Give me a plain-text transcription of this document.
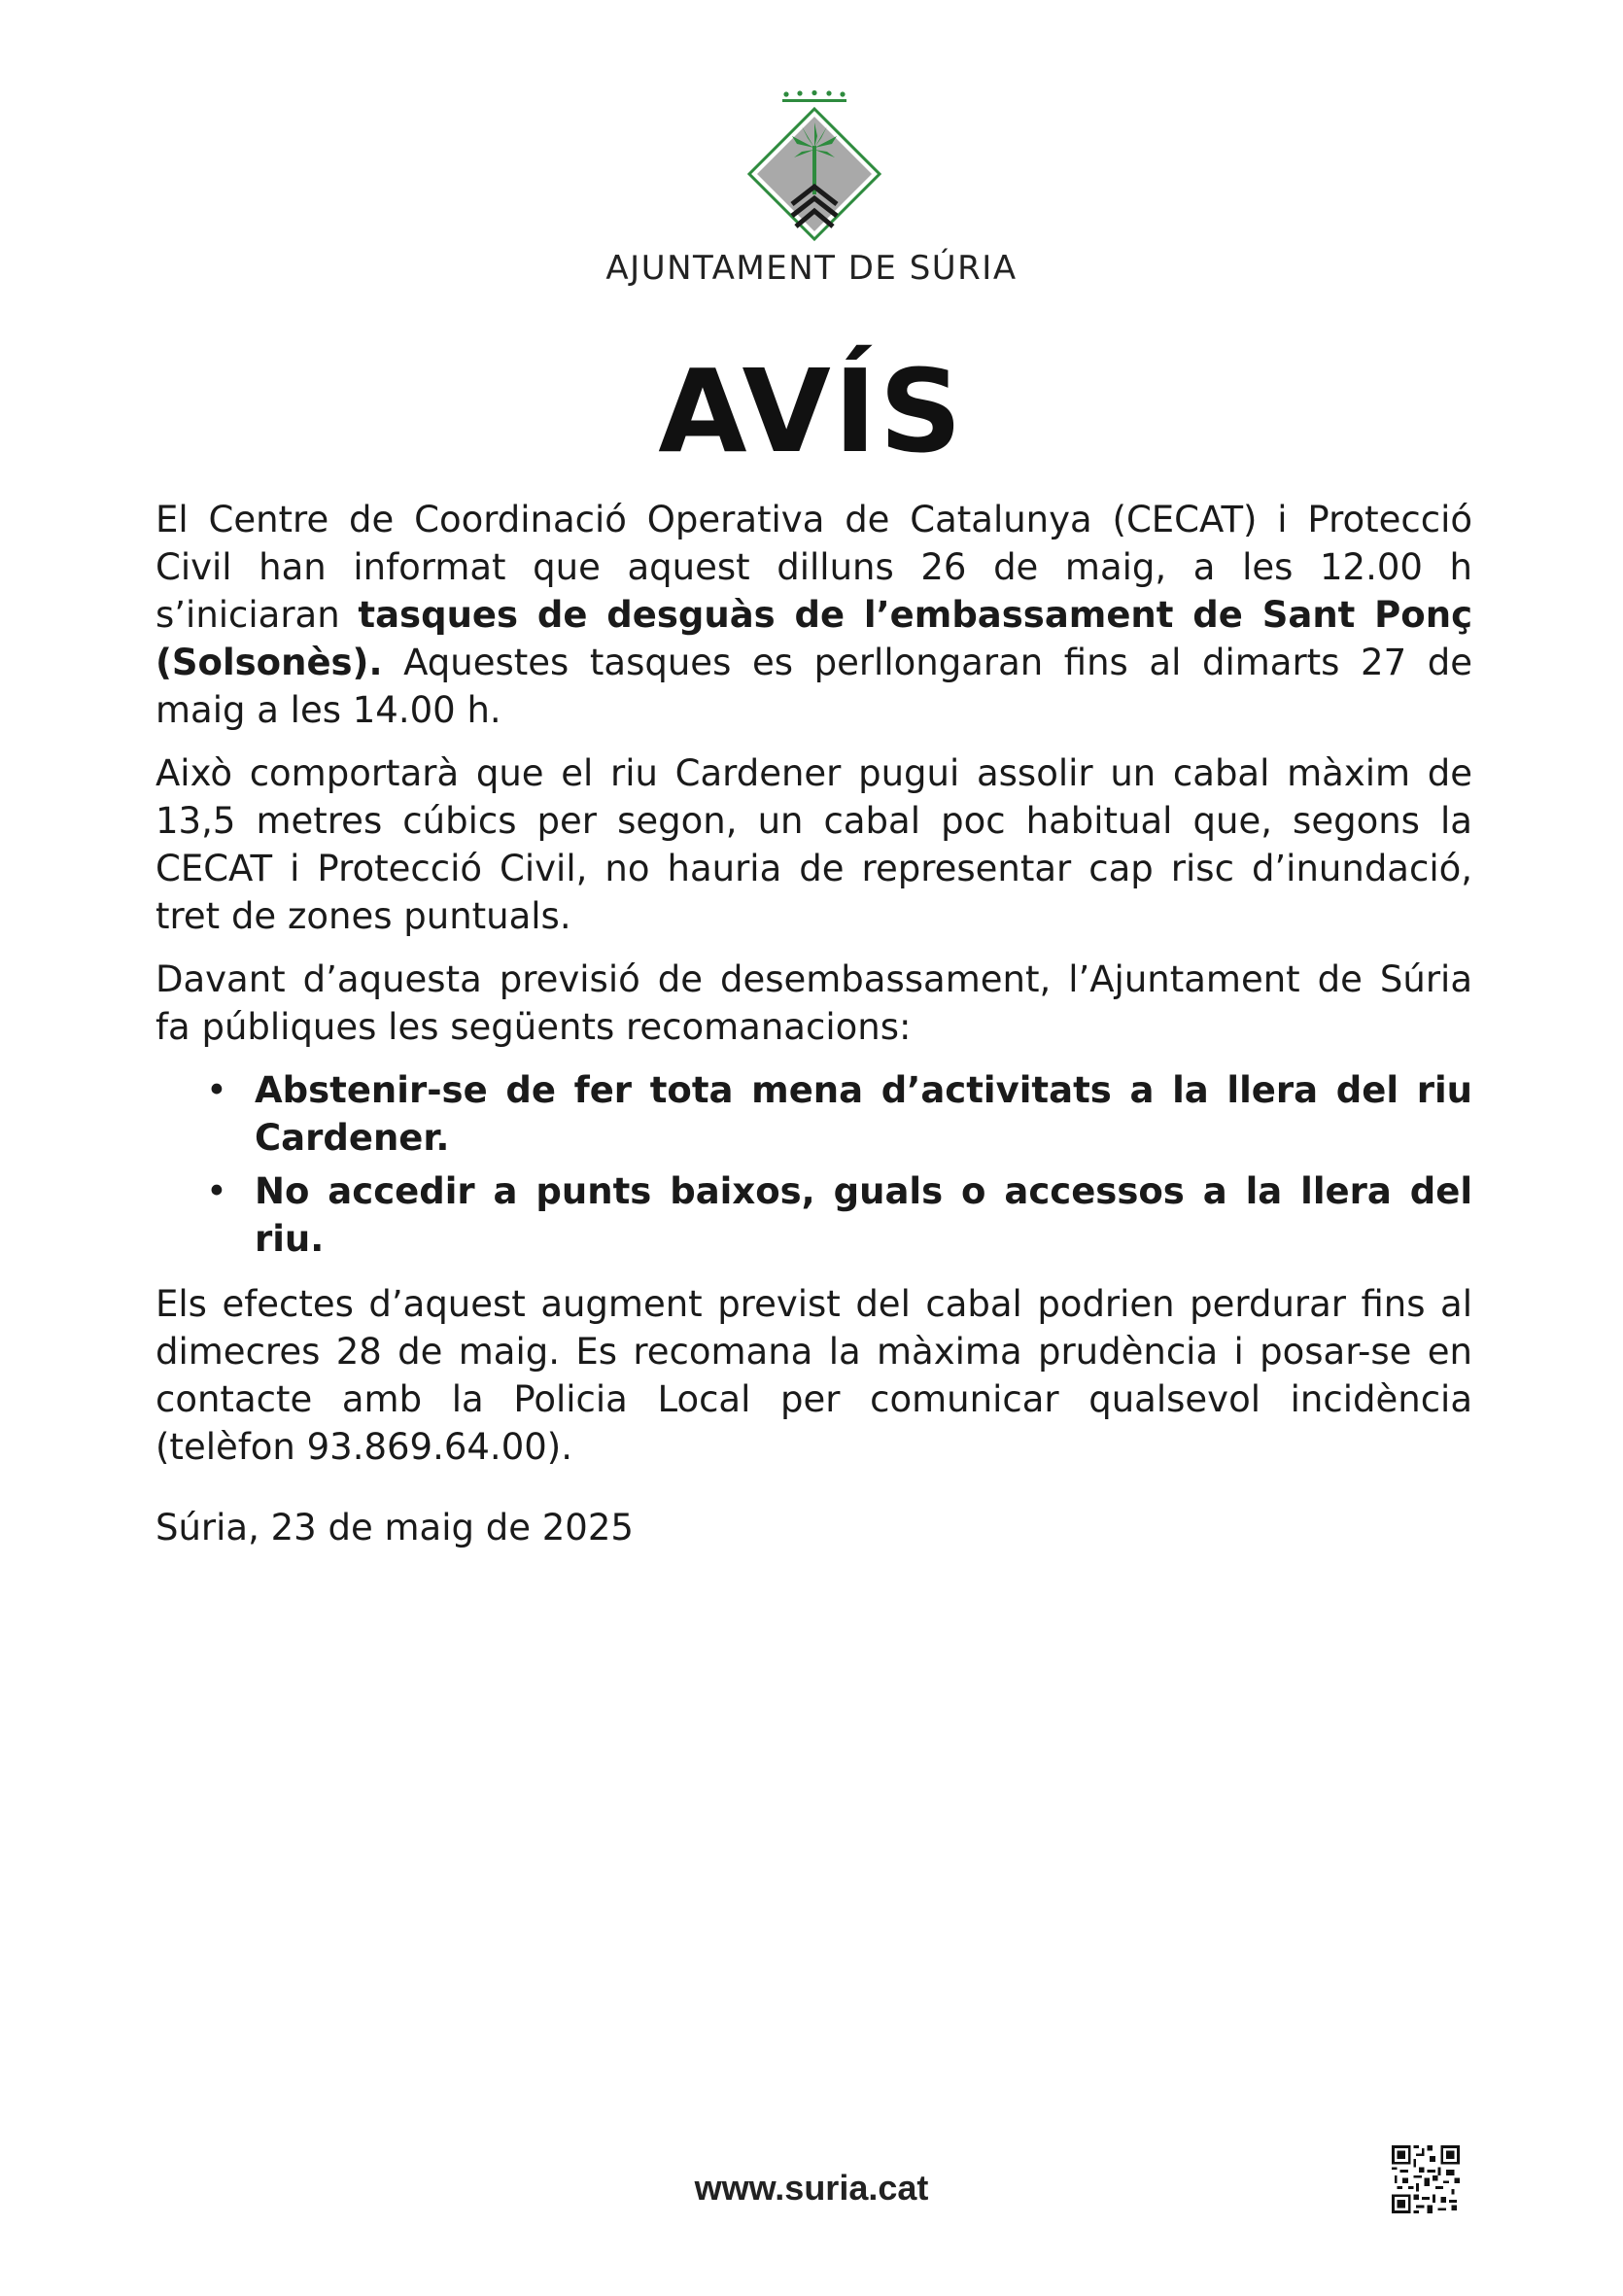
AJUNTAMENT DE SÚRIA
AVÍS

El Centre de Coordinació Operativa de Catalunya (CECAT) i Protecció Civil han informat que aquest dilluns 26 de maig, a les 12.00 h s’iniciaran tasques de desguàs de l’embassament de Sant Ponç (Solsonès). Aquestes tasques es perllongaran fins al dimarts 27 de maig a les 14.00 h.

Això comportarà que el riu Cardener pugui assolir un cabal màxim de 13,5 metres cúbics per segon, un cabal poc habitual que, segons la CECAT i Protecció Civil, no hauria de representar cap risc d’inundació, tret de zones puntuals.

Davant d’aquesta previsió de desembassament, l’Ajuntament de Súria fa públiques les següents recomanacions:

• Abstenir-se de fer tota mena d’activitats a la llera del riu Cardener.
• No accedir a punts baixos, guals o accessos a la llera del riu.

Els efectes d’aquest augment previst del cabal podrien perdurar fins al dimecres 28 de maig. Es recomana la màxima prudència i posar-se en contacte amb la Policia Local per comunicar qualsevol incidència (telèfon 93.869.64.00).

Súria, 23 de maig de 2025

www.suria.cat
